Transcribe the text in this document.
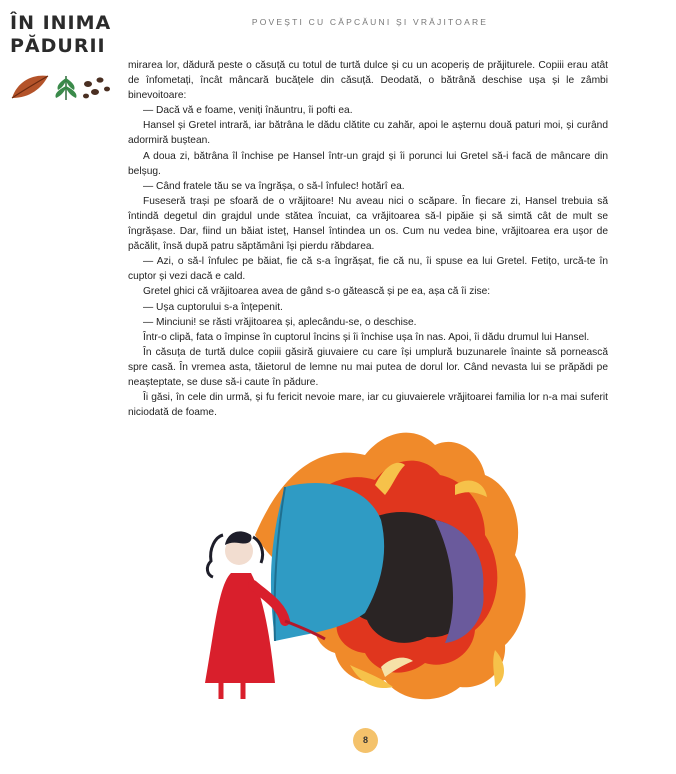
ÎN INIMA
PĂDURII
POVEȘTI CU CĂPCĂUNI ȘI VRĂJITOARE

mirarea lor, dădură peste o căsuță cu totul de turtă dulce și cu un acoperiș de prăjiturele. Copiii erau atât de înfometați, încât mâncară bucățele din căsuță. Deodată, o bătrână deschise ușa și le zâmbi binevoitoare:

— Dacă vă e foame, veniți înăuntru, îi pofti ea.

Hansel și Gretel intrară, iar bătrâna le dădu clătite cu zahăr, apoi le așternu două paturi moi, și curând adormiră buștean.

A doua zi, bătrâna îl închise pe Hansel într-un grajd și îi porunci lui Gretel să-i facă de mâncare din belșug.

— Când fratele tău se va îngrășa, o să-l înfulec! hotărî ea.

Fuseseră trași pe sfoară de o vrăjitoare! Nu aveau nici o scăpare. În fiecare zi, Hansel trebuia să întindă degetul din grajdul unde stătea încuiat, ca vrăjitoarea să-l pipăie și să simtă cât de mult se îngrășase. Dar, fiind un băiat isteț, Hansel întindea un os. Cum nu vedea bine, vrăjitoarea era ușor de păcălit, însă după patru săptămâni își pierdu răbdarea.

— Azi, o să-l înfulec pe băiat, fie că s-a îngrășat, fie că nu, îi spuse ea lui Gretel. Fetițo, urcă-te în cuptor și vezi dacă e cald.

Gretel ghici că vrăjitoarea avea de gând s-o gătească și pe ea, așa că îi zise:

— Ușa cuptorului s-a înțepenit.

— Minciuni! se răsti vrăjitoarea și, aplecându-se, o deschise.

Într-o clipă, fata o împinse în cuptorul încins și îi închise ușa în nas. Apoi, îi dădu drumul lui Hansel.

În căsuța de turtă dulce copiii găsiră giuvaiere cu care își umplură buzunarele înainte să pornească spre casă. În vremea asta, tăietorul de lemne nu mai putea de dorul lor. Când nevasta lui se prăpădi pe neașteptate, se duse să-i caute în pădure.

Îi găsi, în cele din urmă, și fu fericit nevoie mare, iar cu giuvaierele vrăjitoarei familia lor n-a mai suferit niciodată de foame.

8
